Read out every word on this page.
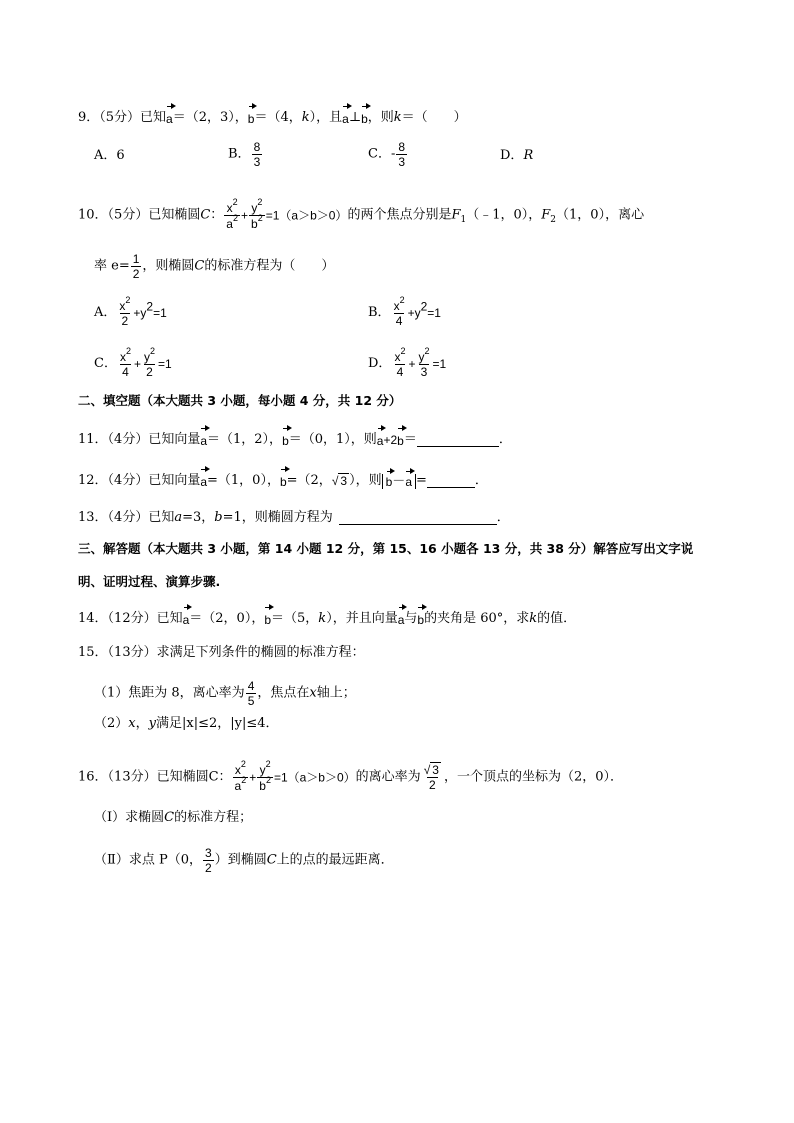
9．（5分）已知a＝（2，3），b＝（4，k），且a⊥b，则k＝（　　）
A．6	B． $\frac{8}{3}$	C．- $\frac{8}{3}$	D．R
10．（5分）已知椭圆C： $\frac{x^2}{a^2} + \frac{y^2}{b^2} =1(a>b>0)$的两个焦点分别是$F_1(﹣1$，0），$F_2(1$，0），离心
率 $e= \frac{1}{2}$ ，则椭圆C的标准方程为（　　）
A． $\frac{x^2}{2} +y^2=1$	B． $\frac{x^2}{4} +y^2=1$
C． $\frac{x^2}{4} + \frac{y^2}{2} =1$	D． $\frac{x^2}{4} + \frac{y^2}{3} =1$
二、填空题（本大题共 3 小题，每小题 4 分，共 12 分）
11．（4分）已知向量a＝（1，2），b＝（0，1），则a+2b＝	．
12．（4分）已知向量a=（1，0），b=（2，√ 3 ），则 b－a =	．
13．（4分）已知a=3，b=1，则椭圆方程为	．
三、解答题（本大题共 3 小题，第 14 小题 12 分，第 15、16 小题各 13 分，共 38 分）解答应写出文字说
明、证明过程、演算步骤.
14．（12分）已知a＝（2，0），b＝（5，k），并且向量a与b的夹角是 60°，求k的值．
15．（13分）求满足下列条件的椭圆的标准方程：
（1）焦距为 8，离心率为 $\frac{4}{5}$ ，焦点在x轴上；
（2）x，y满足|x|≤2，|y|≤4．
16．（13分）已知椭圆C： $\frac{x^2}{a^2} + \frac{y^2}{b^2} =1(a>b>0)$的离心率为 $\frac{√ 3}{2}$ ，一个顶点的坐标为（2，0）．
（Ⅰ）求椭圆C的标准方程；
（Ⅱ）求点 P（0， $\frac{3}{2}$ ）到椭圆C上的点的最远距离．
